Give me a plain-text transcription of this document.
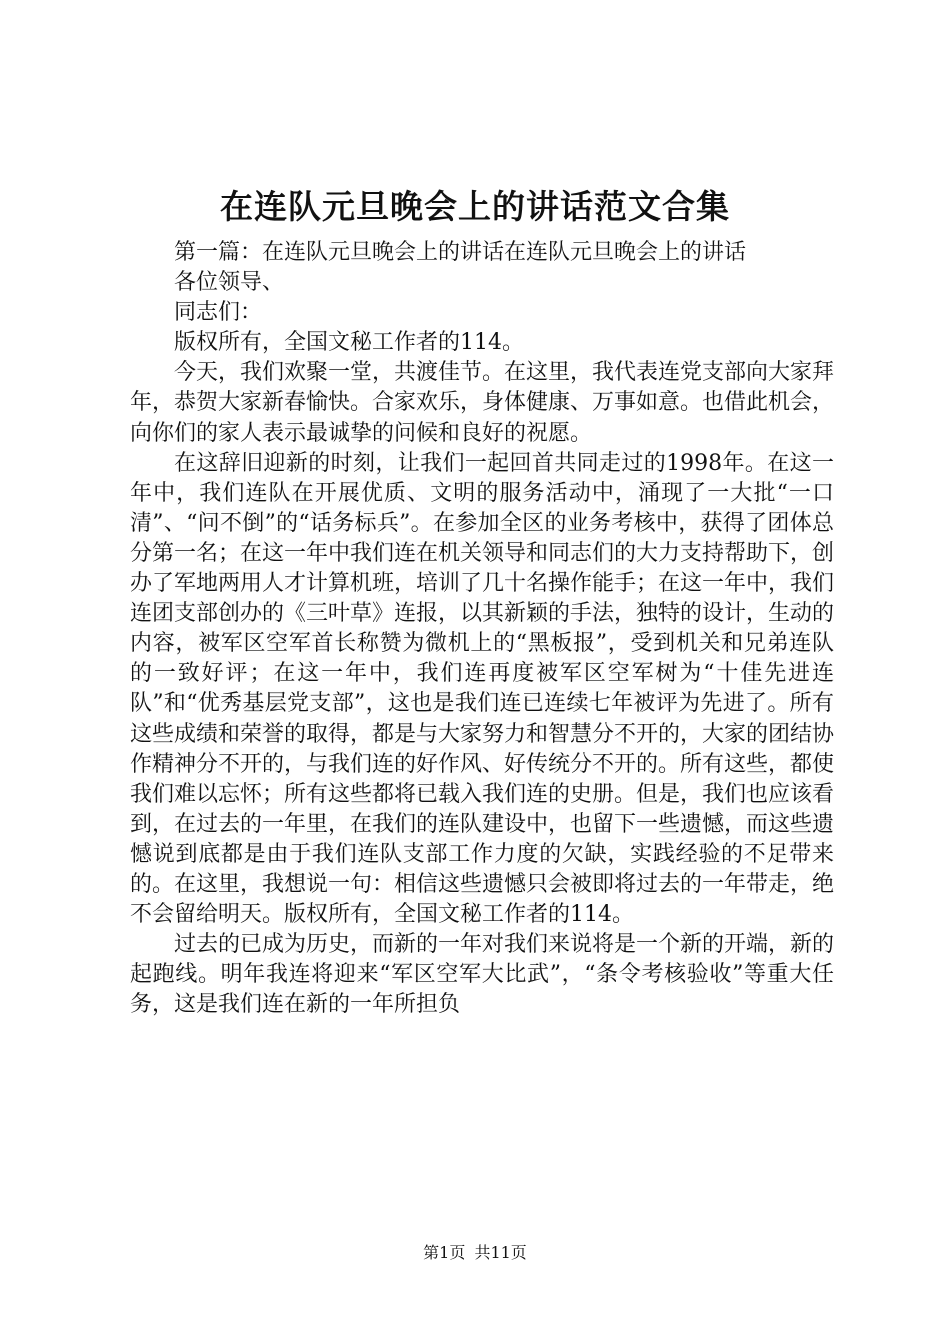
在连队元旦晚会上的讲话范文合集

第一篇：在连队元旦晚会上的讲话在连队元旦晚会上的讲话

各位领导、

同志们：

版权所有，全国文秘工作者的114。

今天，我们欢聚一堂，共渡佳节。在这里，我代表连党支部向大家拜年，恭贺大家新春愉快。合家欢乐，身体健康、万事如意。也借此机会，向你们的家人表示最诚挚的问候和良好的祝愿。

在这辞旧迎新的时刻，让我们一起回首共同走过的1998年。在这一年中，我们连队在开展优质、文明的服务活动中，涌现了一大批“一口清”、“问不倒”的“话务标兵”。在参加全区的业务考核中，获得了团体总分第一名；在这一年中我们连在机关领导和同志们的大力支持帮助下，创办了军地两用人才计算机班，培训了几十名操作能手；在这一年中，我们连团支部创办的《三叶草》连报，以其新颖的手法，独特的设计，生动的内容，被军区空军首长称赞为微机上的“黑板报”，受到机关和兄弟连队的一致好评；在这一年中，我们连再度被军区空军树为“十佳先进连队”和“优秀基层党支部”，这也是我们连已连续七年被评为先进了。所有这些成绩和荣誉的取得，都是与大家努力和智慧分不开的，大家的团结协作精神分不开的，与我们连的好作风、好传统分不开的。所有这些，都使我们难以忘怀；所有这些都将已载入我们连的史册。但是，我们也应该看到，在过去的一年里，在我们的连队建设中，也留下一些遗憾，而这些遗憾说到底都是由于我们连队支部工作力度的欠缺，实践经验的不足带来的。在这里，我想说一句：相信这些遗憾只会被即将过去的一年带走，绝不会留给明天。版权所有，全国文秘工作者的114。

过去的已成为历史，而新的一年对我们来说将是一个新的开端，新的起跑线。明年我连将迎来“军区空军大比武”，“条令考核验收”等重大任务，这是我们连在新的一年所担负

第1页 共11页
